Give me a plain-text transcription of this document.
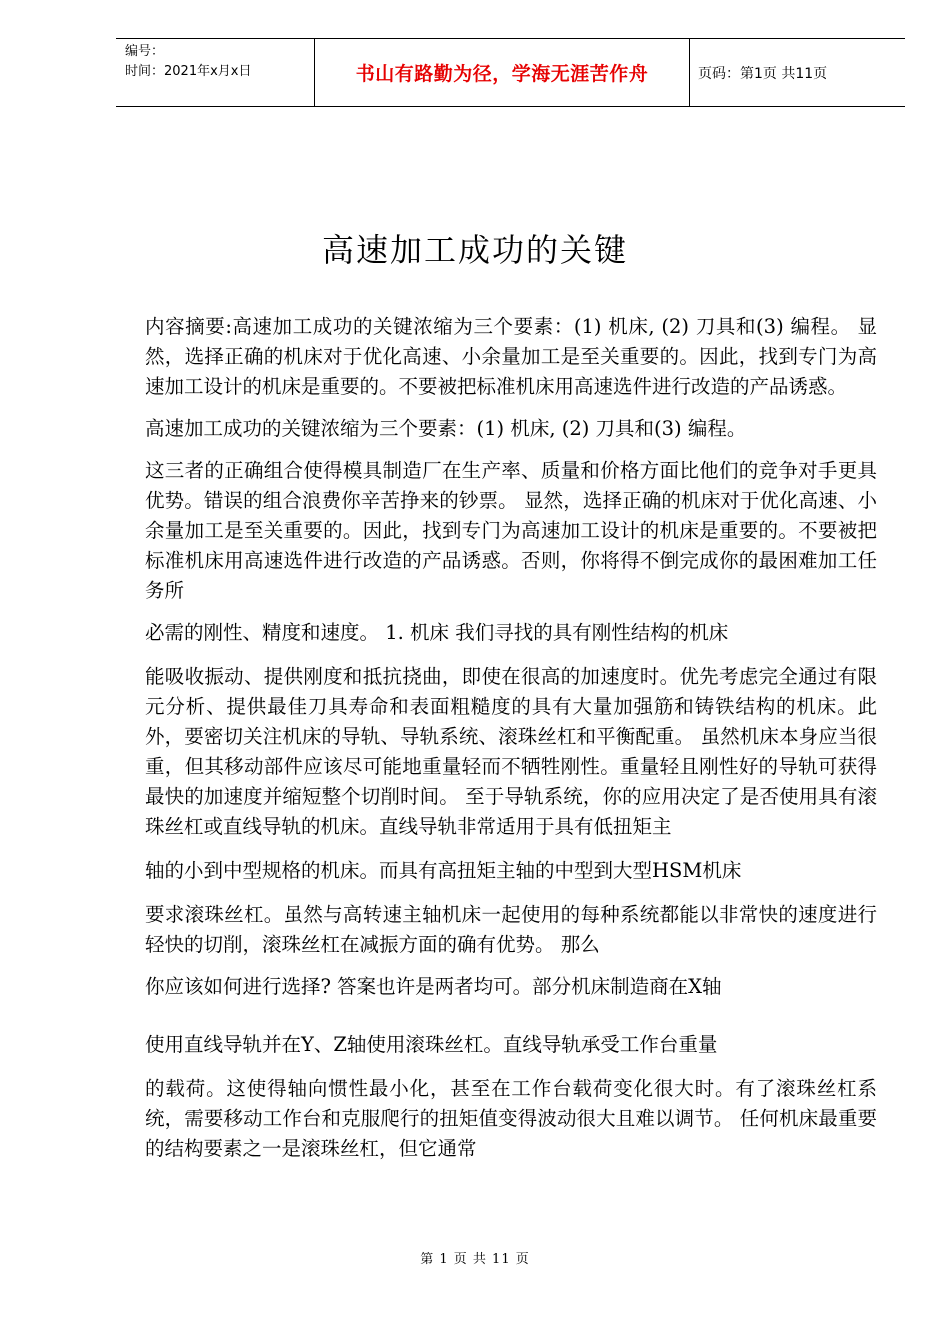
编号：
时间：2021年x月x日	书山有路勤为径，学海无涯苦作舟	页码：第1页 共11页
高速加工成功的关键

内容摘要:高速加工成功的关键浓缩为三个要素：(1) 机床, (2) 刀具和(3) 编程。 显然，选择正确的机床对于优化高速、小余量加工是至关重要的。因此，找到专门为高速加工设计的机床是重要的。不要被把标准机床用高速选件进行改造的产品诱惑。

高速加工成功的关键浓缩为三个要素：(1) 机床, (2) 刀具和(3) 编程。

这三者的正确组合使得模具制造厂在生产率、质量和价格方面比他们的竞争对手更具优势。错误的组合浪费你辛苦挣来的钞票。 显然，选择正确的机床对于优化高速、小余量加工是至关重要的。因此，找到专门为高速加工设计的机床是重要的。不要被把标准机床用高速选件进行改造的产品诱惑。否则，你将得不倒完成你的最困难加工任务所

必需的刚性、精度和速度。 1. 机床 我们寻找的具有刚性结构的机床

能吸收振动、提供刚度和抵抗挠曲，即使在很高的加速度时。优先考虑完全通过有限元分析、提供最佳刀具寿命和表面粗糙度的具有大量加强筋和铸铁结构的机床。此外，要密切关注机床的导轨、导轨系统、滚珠丝杠和平衡配重。 虽然机床本身应当很重，但其移动部件应该尽可能地重量轻而不牺牲刚性。重量轻且刚性好的导轨可获得最快的加速度并缩短整个切削时间。 至于导轨系统，你的应用决定了是否使用具有滚珠丝杠或直线导轨的机床。直线导轨非常适用于具有低扭矩主

轴的小到中型规格的机床。而具有高扭矩主轴的中型到大型HSM机床

要求滚珠丝杠。虽然与高转速主轴机床一起使用的每种系统都能以非常快的速度进行轻快的切削，滚珠丝杠在减振方面的确有优势。 那么

你应该如何进行选择? 答案也许是两者均可。部分机床制造商在X轴

使用直线导轨并在Y、Z轴使用滚珠丝杠。直线导轨承受工作台重量

的载荷。这使得轴向惯性最小化，甚至在工作台载荷变化很大时。有了滚珠丝杠系统，需要移动工作台和克服爬行的扭矩值变得波动很大且难以调节。 任何机床最重要的结构要素之一是滚珠丝杠，但它通常

第 1 页 共 11 页
